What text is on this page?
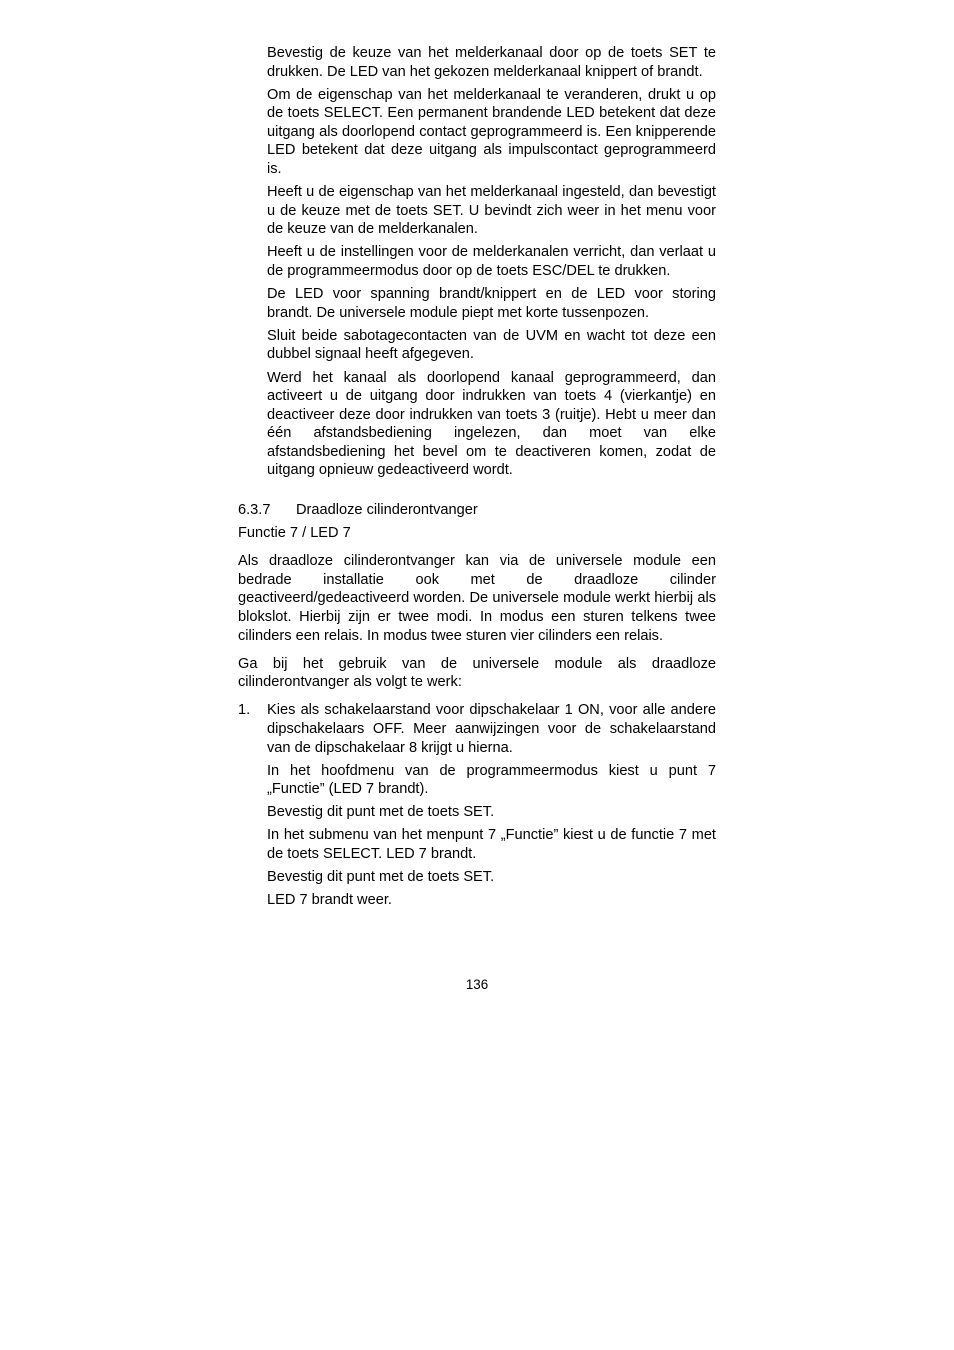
Bevestig de keuze van het melderkanaal door op de toets SET te drukken. De LED van het gekozen melderkanaal knippert of brandt.

Om de eigenschap van het melderkanaal te veranderen, drukt u op de toets SELECT. Een permanent brandende LED betekent dat deze uitgang als doorlopend contact geprogrammeerd is. Een knipperende LED betekent dat deze uitgang als impulscontact geprogrammeerd is.

Heeft u de eigenschap van het melderkanaal ingesteld, dan bevestigt u de keuze met de toets SET. U bevindt zich weer in het menu voor de keuze van de melderkanalen.

Heeft u de instellingen voor de melderkanalen verricht, dan verlaat u de programmeermodus door op de toets ESC/DEL te drukken.

De LED voor spanning brandt/knippert en de LED voor storing brandt. De universele module piept met korte tussenpozen.

Sluit beide sabotagecontacten van de UVM en wacht tot deze een dubbel signaal heeft afgegeven.

Werd het kanaal als doorlopend kanaal geprogrammeerd, dan activeert u de uitgang door indrukken van toets 4 (vierkantje) en deactiveer deze door indrukken van toets 3 (ruitje). Hebt u meer dan één afstandsbediening ingelezen, dan moet van elke afstandsbediening het bevel om te deactiveren komen, zodat de uitgang opnieuw gedeactiveerd wordt.

6.3.7	Draadloze cilinderontvanger

Functie 7 / LED 7

Als draadloze cilinderontvanger kan via de universele module een bedrade installatie ook met de draadloze cilinder geactiveerd/gedeactiveerd worden. De universele module werkt hierbij als blokslot. Hierbij zijn er twee modi. In modus een sturen telkens twee cilinders een relais. In modus twee sturen vier cilinders een relais.

Ga bij het gebruik van de universele module als draadloze cilinderontvanger als volgt te werk:

1.	Kies als schakelaarstand voor dipschakelaar 1 ON, voor alle andere dipschakelaars OFF. Meer aanwijzingen voor de schakelaarstand van de dipschakelaar 8 krijgt u hierna.

In het hoofdmenu van de programmeermodus kiest u punt 7 „Functie” (LED 7 brandt).

Bevestig dit punt met de toets SET.

In het submenu van het menpunt 7 „Functie” kiest u de functie 7 met de toets SELECT. LED 7 brandt.

Bevestig dit punt met de toets SET.

LED 7 brandt weer.

136
